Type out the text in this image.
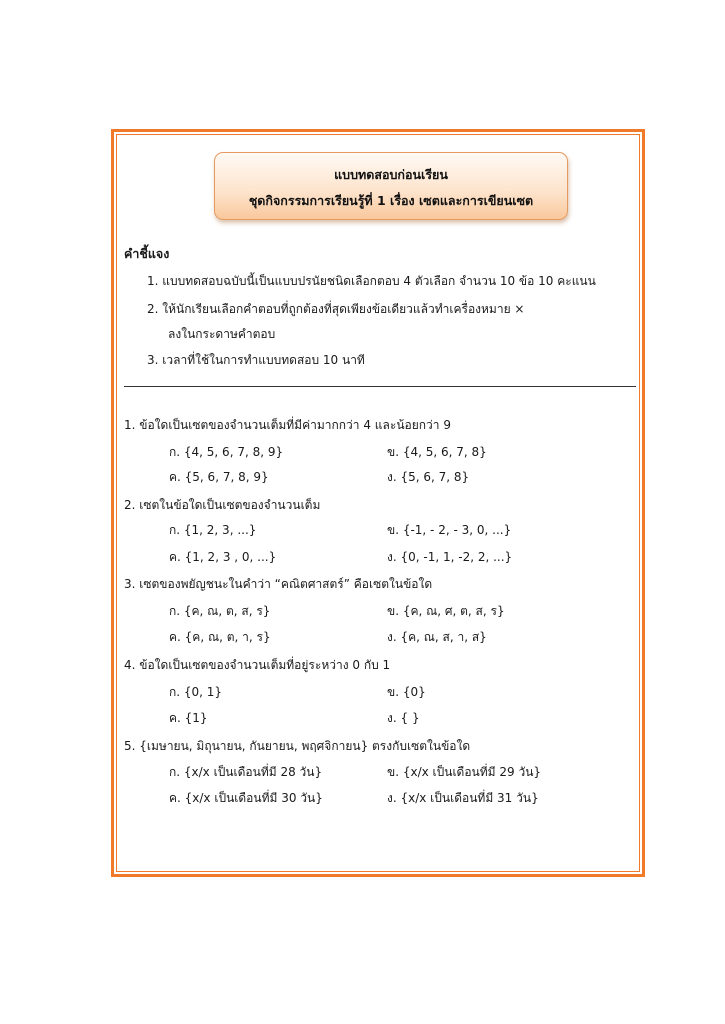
แบบทดสอบก่อนเรียน
ชุดกิจกรรมการเรียนรู้ที่ 1 เรื่อง เซตและการเขียนเซต
คำชี้แจง
1. แบบทดสอบฉบับนี้เป็นแบบปรนัยชนิดเลือกตอบ 4 ตัวเลือก จำนวน 10 ข้อ 10 คะแนน
2. ให้นักเรียนเลือกคำตอบที่ถูกต้องที่สุดเพียงข้อเดียวแล้วทำเครื่องหมาย ×
ลงในกระดาษคำตอบ
3. เวลาที่ใช้ในการทำแบบทดสอบ 10 นาที
1. ข้อใดเป็นเซตของจำนวนเต็มที่มีค่ามากกว่า 4 และน้อยกว่า 9
ก. {4, 5, 6, 7, 8, 9}	ข. {4, 5, 6, 7, 8}
ค. {5, 6, 7, 8, 9}	ง. {5, 6, 7, 8}
2. เซตในข้อใดเป็นเซตของจำนวนเต็ม
ก. {1, 2, 3, ...}	ข. {-1, - 2, - 3, 0, ...}
ค. {1, 2, 3 , 0, ...}	ง. {0, -1, 1, -2, 2, ...}
3. เซตของพยัญชนะในคำว่า “คณิตศาสตร์” คือเซตในข้อใด
ก. {ค, ณ, ต, ส, ร}	ข. {ค, ณ, ศ, ต, ส, ร}
ค. {ค, ณ, ต, า, ร}	ง. {ค, ณ, ส, า, ส}
4. ข้อใดเป็นเซตของจำนวนเต็มที่อยู่ระหว่าง 0 กับ 1
ก. {0, 1}	ข. {0}
ค. {1}	ง. { }
5. {เมษายน, มิถุนายน, กันยายน, พฤศจิกายน} ตรงกับเซตในข้อใด
ก. {x/x เป็นเดือนที่มี 28 วัน}	ข. {x/x เป็นเดือนที่มี 29 วัน}
ค. {x/x เป็นเดือนที่มี 30 วัน}	ง. {x/x เป็นเดือนที่มี 31 วัน}
